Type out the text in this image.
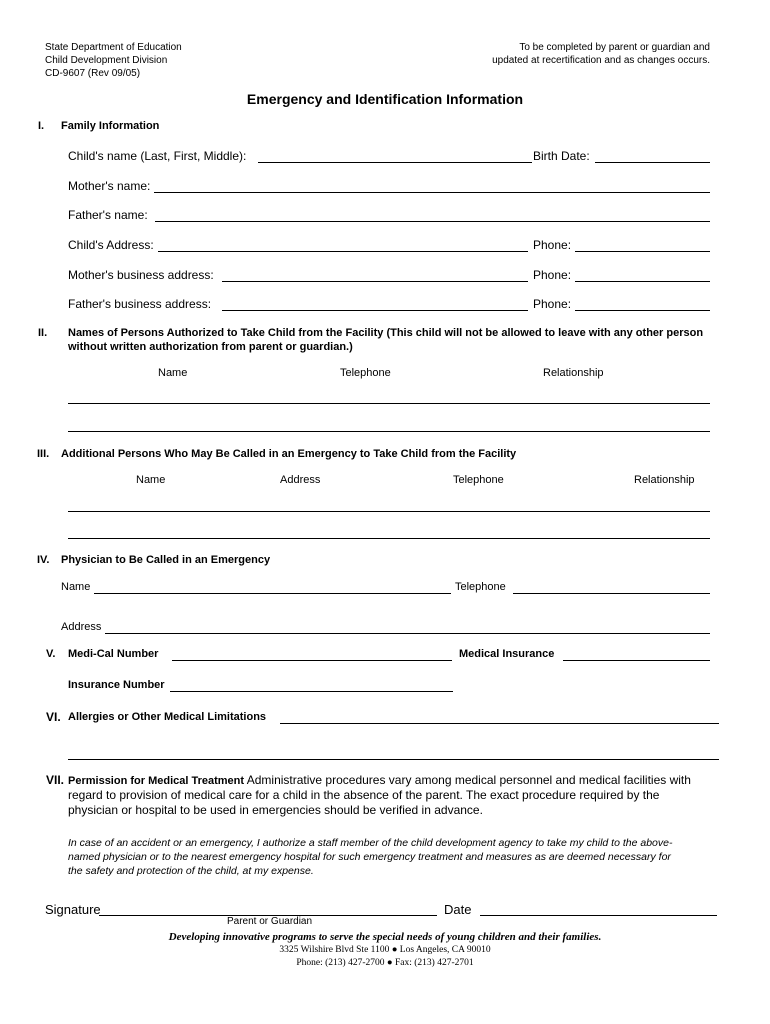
State Department of Education
Child Development Division
CD-9607 (Rev 09/05)
To be completed by parent or guardian and
updated at recertification and as changes occurs.
Emergency and Identification Information
I. Family Information
Child's name (Last, First, Middle):	Birth Date:
Mother's name:
Father's name:
Child's Address:	Phone:
Mother's business address:	Phone:
Father's business address:	Phone:
II. Names of Persons Authorized to Take Child from the Facility (This child will not be allowed to leave with any other person
without written authorization from parent or guardian.)
Name	Telephone	Relationship
III. Additional Persons Who May Be Called in an Emergency to Take Child from the Facility
Name	Address	Telephone	Relationship
IV. Physician to Be Called in an Emergency
Name	Telephone
Address
V. Medi-Cal Number	Medical Insurance
Insurance Number
VI. Allergies or Other Medical Limitations
VII. Permission for Medical Treatment Administrative procedures vary among medical personnel and medical facilities with
regard to provision of medical care for a child in the absence of the parent. The exact procedure required by the
physician or hospital to be used in emergencies should be verified in advance.
In case of an accident or an emergency, I authorize a staff member of the child development agency to take my child to the above-
named physician or to the nearest emergency hospital for such emergency treatment and measures as are deemed necessary for
the safety and protection of the child, at my expense.
Signature	Date
Parent or Guardian
Developing innovative programs to serve the special needs of young children and their families.
3325 Wilshire Blvd Ste 1100 ● Los Angeles, CA 90010
Phone: (213) 427-2700 ● Fax: (213) 427-2701
